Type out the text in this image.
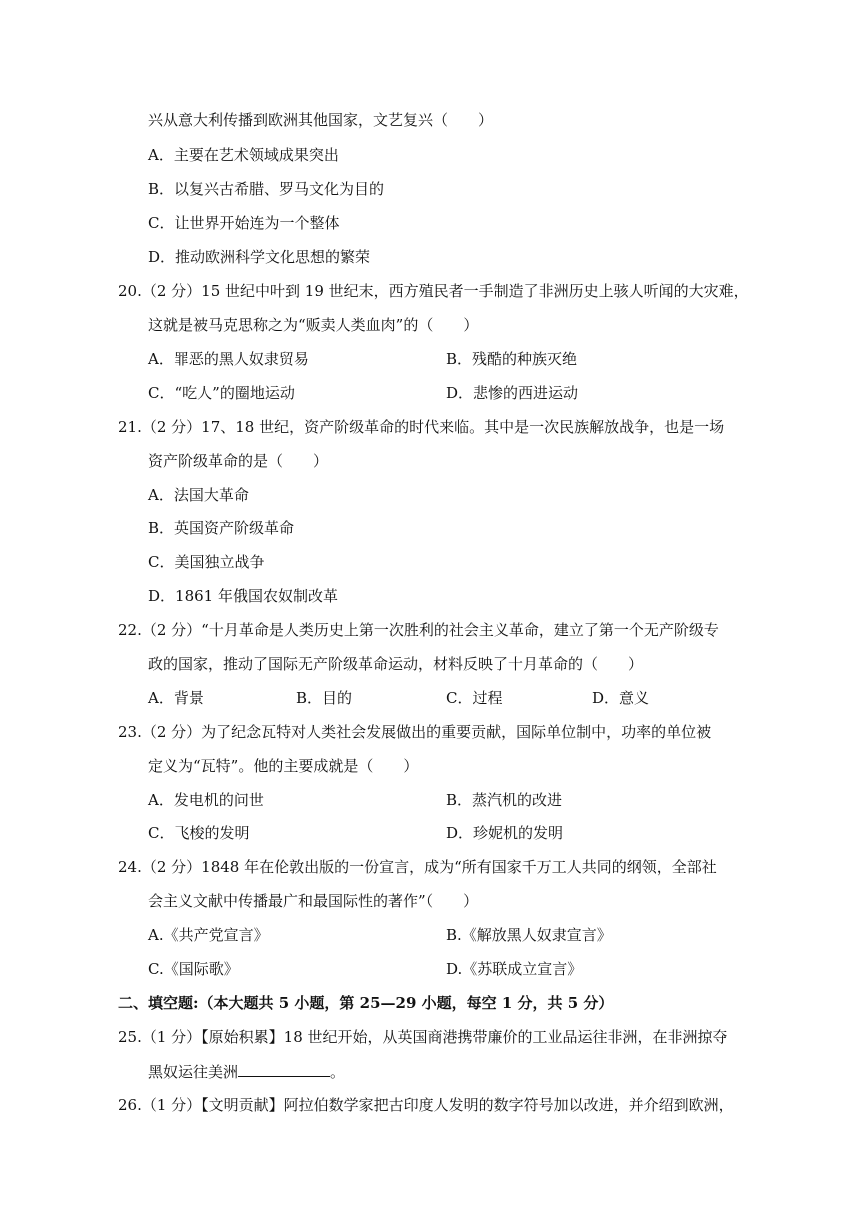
兴从意大利传播到欧洲其他国家，文艺复兴（　　）
A．主要在艺术领域成果突出
B．以复兴古希腊、罗马文化为目的
C．让世界开始连为一个整体
D．推动欧洲科学文化思想的繁荣
20.（2 分）15 世纪中叶到 19 世纪末，西方殖民者一手制造了非洲历史上骇人听闻的大灾难，
这就是被马克思称之为“贩卖人类血肉”的（　　）
A．罪恶的黑人奴隶贸易	B．残酷的种族灭绝
C．“吃人”的圈地运动	D．悲惨的西进运动
21.（2 分）17、18 世纪，资产阶级革命的时代来临。其中是一次民族解放战争，也是一场
资产阶级革命的是（　　）
A．法国大革命
B．英国资产阶级革命
C．美国独立战争
D．1861 年俄国农奴制改革
22.（2 分）“十月革命是人类历史上第一次胜利的社会主义革命，建立了第一个无产阶级专
政的国家，推动了国际无产阶级革命运动，材料反映了十月革命的（　　）
A．背景	B．目的	C．过程	D．意义
23.（2 分）为了纪念瓦特对人类社会发展做出的重要贡献，国际单位制中，功率的单位被
定义为“瓦特”。他的主要成就是（　　）
A．发电机的问世	B．蒸汽机的改进
C．飞梭的发明	D．珍妮机的发明
24.（2 分）1848 年在伦敦出版的一份宣言，成为“所有国家千万工人共同的纲领，全部社
会主义文献中传播最广和最国际性的著作”（　　）
A.《共产党宣言》	B.《解放黑人奴隶宣言》
C.《国际歌》	D.《苏联成立宣言》
二、填空题:（本大题共 5 小题，第 25—29 小题，每空 1 分，共 5 分）
25.（1 分）【原始积累】18 世纪开始，从英国商港携带廉价的工业品运往非洲，在非洲掠夺
黑奴运往美洲	。
26.（1 分）【文明贡献】阿拉伯数学家把古印度人发明的数字符号加以改进，并介绍到欧洲，
